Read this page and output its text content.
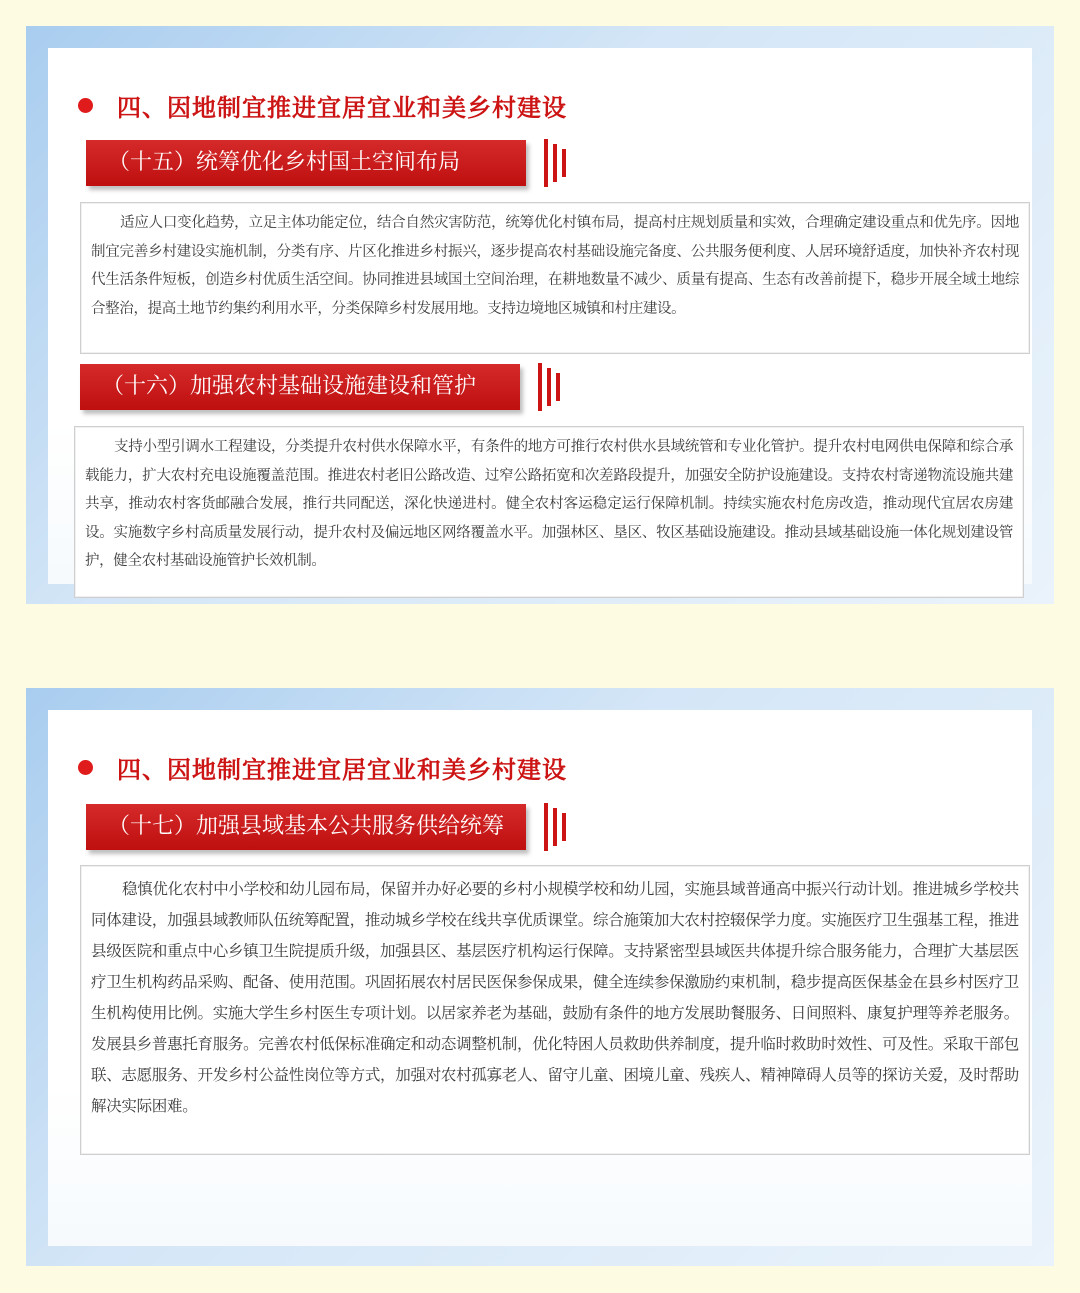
四、因地制宜推进宜居宜业和美乡村建设
（十五）统筹优化乡村国土空间布局
适应人口变化趋势，立足主体功能定位，结合自然灾害防范，统筹优化村镇布局，提高村庄规划质量和实效，合理确定建设重点和优先序。因地制宜完善乡村建设实施机制，分类有序、片区化推进乡村振兴，逐步提高农村基础设施完备度、公共服务便利度、人居环境舒适度，加快补齐农村现代生活条件短板，创造乡村优质生活空间。协同推进县域国土空间治理，在耕地数量不减少、质量有提高、生态有改善前提下，稳步开展全域土地综合整治，提高土地节约集约利用水平，分类保障乡村发展用地。支持边境地区城镇和村庄建设。
（十六）加强农村基础设施建设和管护
支持小型引调水工程建设，分类提升农村供水保障水平，有条件的地方可推行农村供水县域统管和专业化管护。提升农村电网供电保障和综合承载能力，扩大农村充电设施覆盖范围。推进农村老旧公路改造、过窄公路拓宽和次差路段提升，加强安全防护设施建设。支持农村寄递物流设施共建共享，推动农村客货邮融合发展，推行共同配送，深化快递进村。健全农村客运稳定运行保障机制。持续实施农村危房改造，推动现代宜居农房建设。实施数字乡村高质量发展行动，提升农村及偏远地区网络覆盖水平。加强林区、垦区、牧区基础设施建设。推动县域基础设施一体化规划建设管护，健全农村基础设施管护长效机制。
四、因地制宜推进宜居宜业和美乡村建设
（十七）加强县域基本公共服务供给统筹
稳慎优化农村中小学校和幼儿园布局，保留并办好必要的乡村小规模学校和幼儿园，实施县域普通高中振兴行动计划。推进城乡学校共同体建设，加强县域教师队伍统筹配置，推动城乡学校在线共享优质课堂。综合施策加大农村控辍保学力度。实施医疗卫生强基工程，推进县级医院和重点中心乡镇卫生院提质升级，加强县区、基层医疗机构运行保障。支持紧密型县域医共体提升综合服务能力，合理扩大基层医疗卫生机构药品采购、配备、使用范围。巩固拓展农村居民医保参保成果，健全连续参保激励约束机制，稳步提高医保基金在县乡村医疗卫生机构使用比例。实施大学生乡村医生专项计划。以居家养老为基础，鼓励有条件的地方发展助餐服务、日间照料、康复护理等养老服务。发展县乡普惠托育服务。完善农村低保标准确定和动态调整机制，优化特困人员救助供养制度，提升临时救助时效性、可及性。采取干部包联、志愿服务、开发乡村公益性岗位等方式，加强对农村孤寡老人、留守儿童、困境儿童、残疾人、精神障碍人员等的探访关爱，及时帮助解决实际困难。
